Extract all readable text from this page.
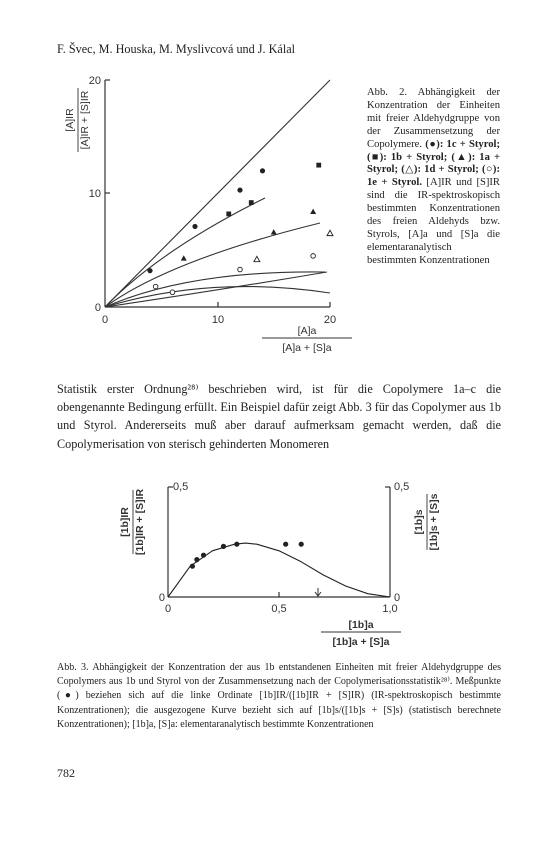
F. Švec, M. Houska, M. Myslivcová und J. Kálal
0
10
20
0	10	20
[A]a
[A]a + [S]a
[A]IR [A]IR + [S]IR	Abb. 2. Abhängigkeit der Konzentration der Einheiten mit freier Aldehydgruppe von der Zusammensetzung der Copolymere. (●): 1c + Styrol; (■): 1b + Styrol; (▲): 1a + Styrol; (△): 1d + Styrol; (○): 1e + Styrol. [A]IR und [S]IR sind die IR-spektroskopisch bestimmten Konzentrationen des freien Aldehyds bzw. Styrols, [A]a und [S]a die elementaranalytisch bestimmten Konzentrationen
Statistik erster Ordnung²⁸⁾ beschrieben wird, ist für die Copolymere 1a–c die obengenannte Bedingung erfüllt. Ein Beispiel dafür zeigt Abb. 3 für das Copolymer aus 1b und Styrol. Andererseits muß aber darauf aufmerksam gemacht werden, daß die Copolymerisation von sterisch gehinderten Monomeren
0
0,5
0
0,5
0	0,5	1,0
[1b]a
[1b]a + [S]a
[1b]IR [1b]IR + [S]IR	[1b]s [1b]s + [S]s
Abb. 3. Abhängigkeit der Konzentration der aus 1b entstandenen Einheiten mit freier Aldehydgruppe des Copolymers aus 1b und Styrol von der Zusammensetzung nach der Copolymerisationsstatistik²⁸⁾. Meßpunkte (●) beziehen sich auf die linke Ordinate [1b]IR/([1b]IR + [S]IR) (IR-spektroskopisch bestimmte Konzentrationen); die ausgezogene Kurve bezieht sich auf [1b]s/([1b]s + [S]s) (statistisch berechnete Konzentrationen); [1b]a, [S]a: elementaranalytisch bestimmte Konzentrationen
782
